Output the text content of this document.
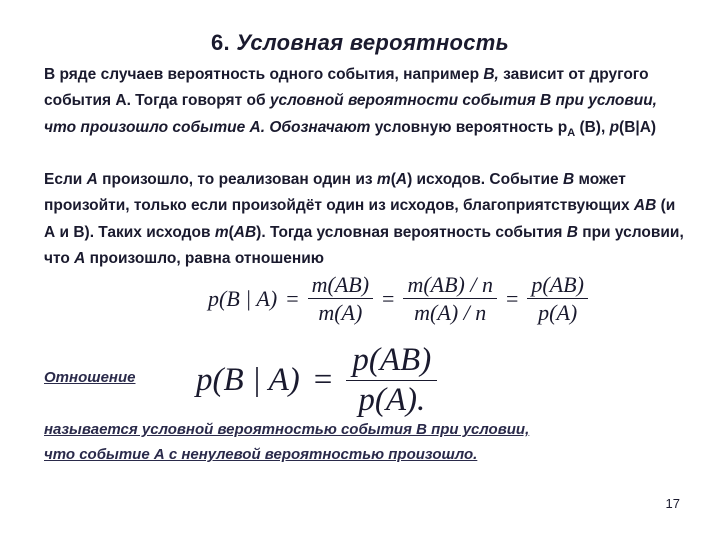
6. Условная вероятность
В ряде случаев вероятность одного события, например В, зависит от другого события А. Тогда говорят об условной вероятности события В при условии, что произошло событие А. Обозначают условную вероятность $р_А$ (В), p(В|А)
Если А произошло, то реализован один из m(А) исходов. Событие В может произойти, только если произойдёт один из исходов, благоприятствующих АВ (и А и В). Таких исходов m(АВ). Тогда условная вероятность события В при условии, что А произошло, равна отношению
p(B | $A) = \frac{m(AB)}{m(A)} = \frac{m(AB) / n}{m(A) / n} = \frac{p(AB)}{p(A)}$
Отношение p(B | $A) = \frac{p(AB)}{p(A).}$
называется условной вероятностью события В при условии,
что событие А с ненулевой вероятностью произошло.
17
